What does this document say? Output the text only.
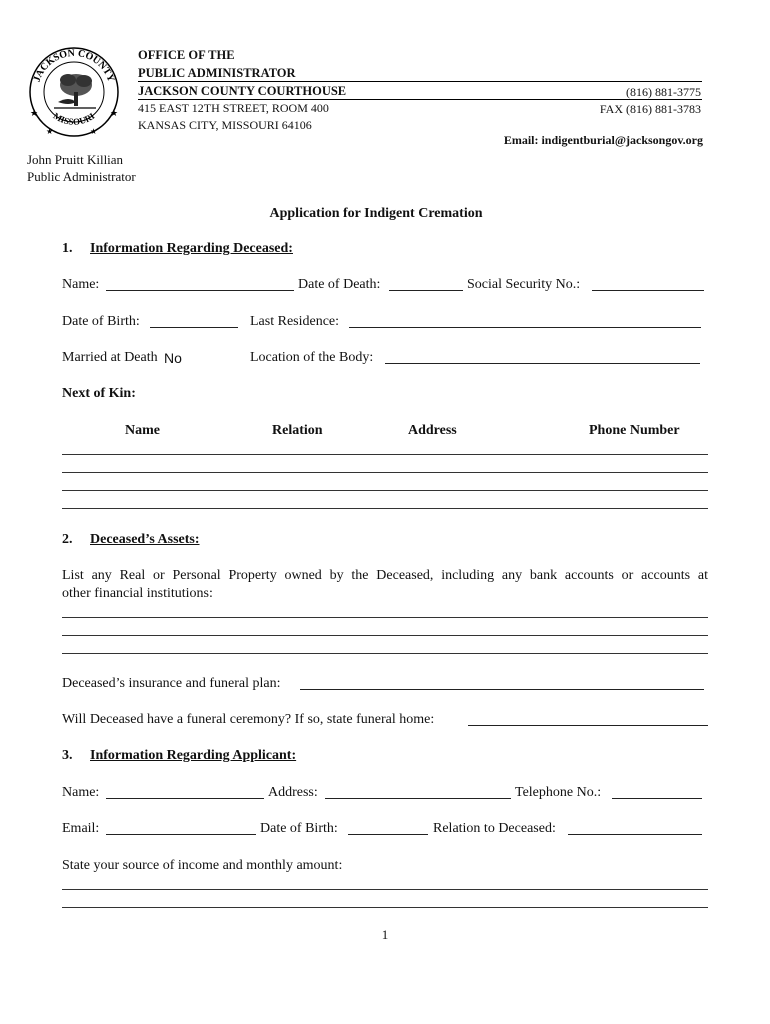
JACKSON COUNTY
MISSOURI
★	★
★	★
OFFICE OF THE
PUBLIC ADMINISTRATOR
JACKSON COUNTY COURTHOUSE
415 EAST 12TH STREET, ROOM 400
KANSAS CITY, MISSOURI 64106
(816) 881-3775
FAX (816) 881-3783
Email: indigentburial@jacksongov.org
John Pruitt Killian
Public Administrator
Application for Indigent Cremation
1. Information Regarding Deceased:
Name:	Date of Death:	Social Security No.:
Date of Birth:	Last Residence:
Married at Death No	Location of the Body:
Next of Kin:
Name	Relation	Address	Phone Number
2. Deceased’s Assets:
List any Real or Personal Property owned by the Deceased, including any bank accounts or accounts at
other financial institutions:
Deceased’s insurance and funeral plan:
Will Deceased have a funeral ceremony? If so, state funeral home:
3. Information Regarding Applicant:
Name:	Address:	Telephone No.:
Email:	Date of Birth:	Relation to Deceased:
State your source of income and monthly amount:
1
